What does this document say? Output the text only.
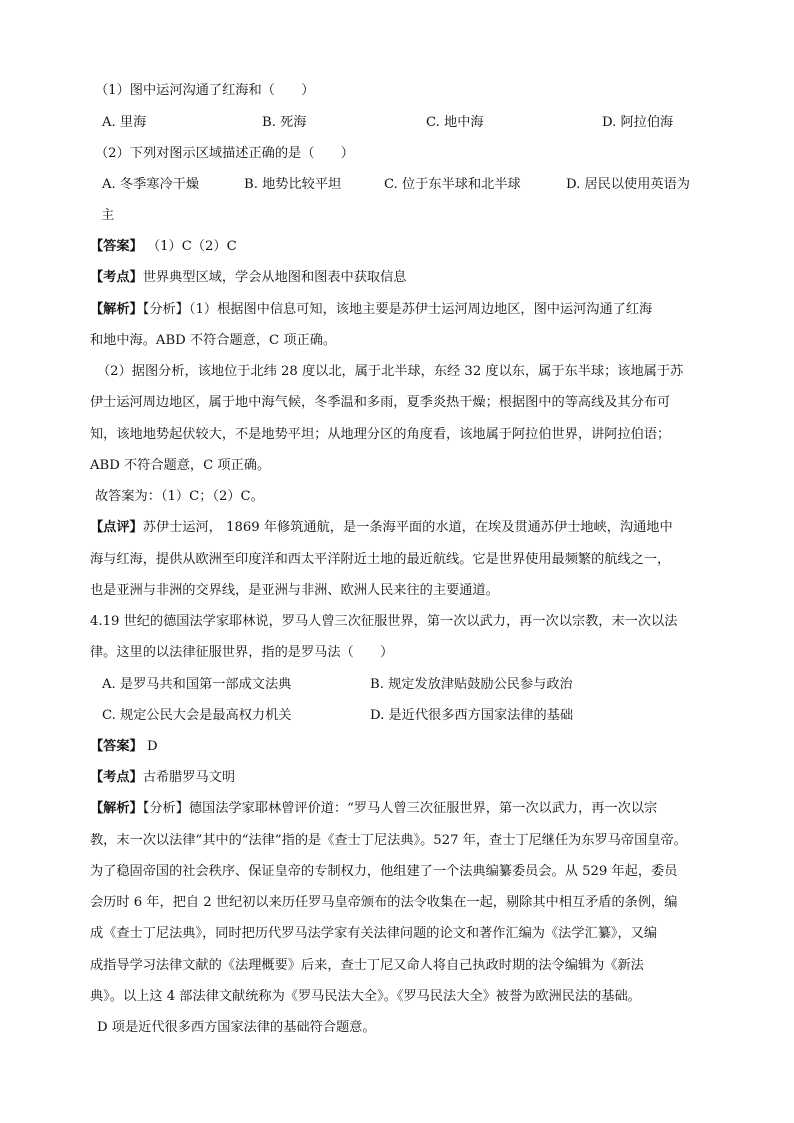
（1）图中运河沟通了红海和（　　）
A. 里海	B. 死海	C. 地中海	D. 阿拉伯海
（2）下列对图示区域描述正确的是（　　）
A. 冬季寒冷干燥	B. 地势比较平坦	C. 位于东半球和北半球	D. 居民以使用英语为
主
【答案】 （1）C（2）C
【考点】世界典型区域，学会从地图和图表中获取信息
【解析】【分析】（1）根据图中信息可知，该地主要是苏伊士运河周边地区，图中运河沟通了红海
和地中海。ABD 不符合题意，C 项正确。
（2）据图分析，该地位于北纬 28 度以北，属于北半球，东经 32 度以东，属于东半球；该地属于苏
伊士运河周边地区，属于地中海气候，冬季温和多雨，夏季炎热干燥；根据图中的等高线及其分布可
知，该地地势起伏较大，不是地势平坦；从地理分区的角度看，该地属于阿拉伯世界，讲阿拉伯语；
ABD 不符合题意，C 项正确。
故答案为：（1）C；（2）C。
【点评】苏伊士运河， 1869 年修筑通航，是一条海平面的水道，在埃及贯通苏伊士地峡，沟通地中
海与红海，提供从欧洲至印度洋和西太平洋附近土地的最近航线。它是世界使用最频繁的航线之一，
也是亚洲与非洲的交界线，是亚洲与非洲、欧洲人民来往的主要通道。
4.19 世纪的德国法学家耶林说，罗马人曾三次征服世界，第一次以武力，再一次以宗教，末一次以法
律。这里的以法律征服世界，指的是罗马法（　　）
A. 是罗马共和国第一部成文法典	B. 规定发放津贴鼓励公民参与政治
C. 规定公民大会是最高权力机关	D. 是近代很多西方国家法律的基础
【答案】 D
【考点】古希腊罗马文明
【解析】【分析】德国法学家耶林曾评价道：“罗马人曾三次征服世界，第一次以武力，再一次以宗
教，末一次以法律”其中的“法律”指的是《查士丁尼法典》。527 年，查士丁尼继任为东罗马帝国皇帝。
为了稳固帝国的社会秩序、保证皇帝的专制权力，他组建了一个法典编纂委员会。从 529 年起，委员
会历时 6 年，把自 2 世纪初以来历任罗马皇帝颁布的法令收集在一起，剔除其中相互矛盾的条例，编
成《查士丁尼法典》，同时把历代罗马法学家有关法律问题的论文和著作汇编为《法学汇纂》，又编
成指导学习法律文献的《法理概要》后来，查士丁尼又命人将自己执政时期的法令编辑为《新法
典》。以上这 4 部法律文献统称为《罗马民法大全》。《罗马民法大全》被誉为欧洲民法的基础。
D 项是近代很多西方国家法律的基础符合题意。
